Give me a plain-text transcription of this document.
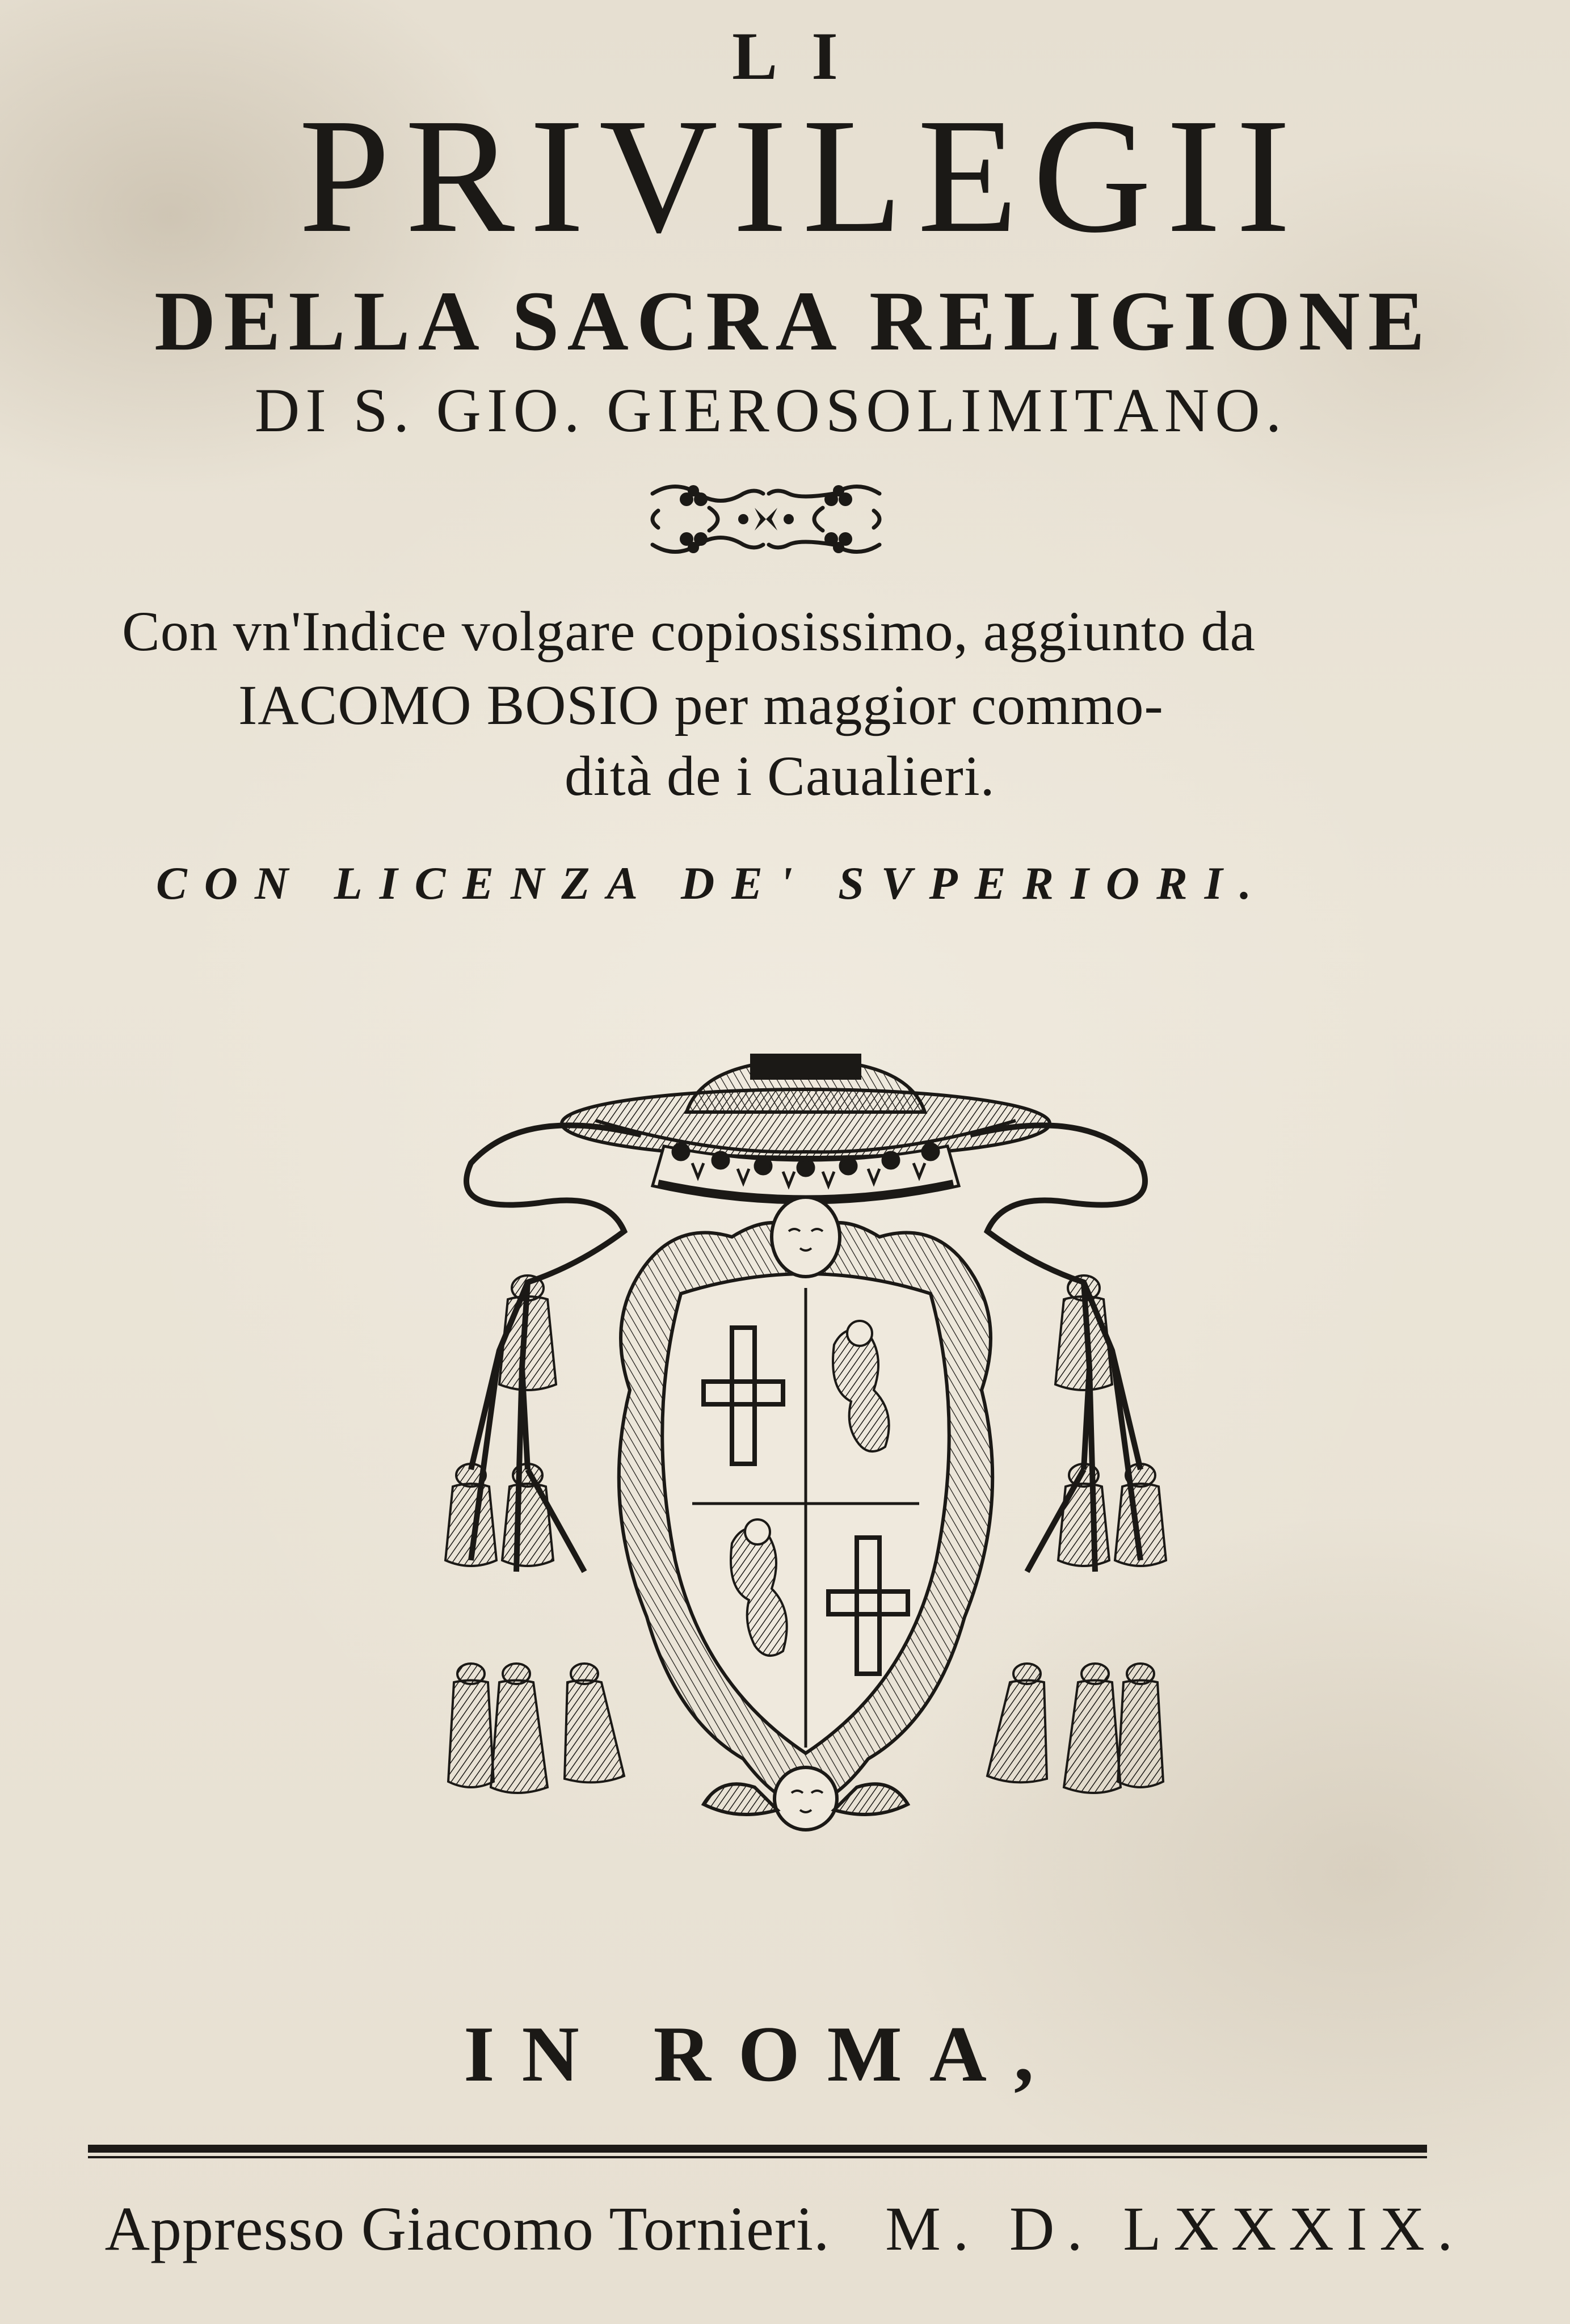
LI
PRIVILEGII
DELLA SACRA RELIGIONE
DI S. GIO. GIEROSOLIMITANO.
Con vn'Indice volgare copiosissimo, aggiunto da
IACOMO BOSIO per maggior commo-
dità de i Caualieri.
CON LICENZA DE' SVPERIORI.
IN ROMA,
Appresso Giacomo Tornieri. M. D. LXXXIX.
